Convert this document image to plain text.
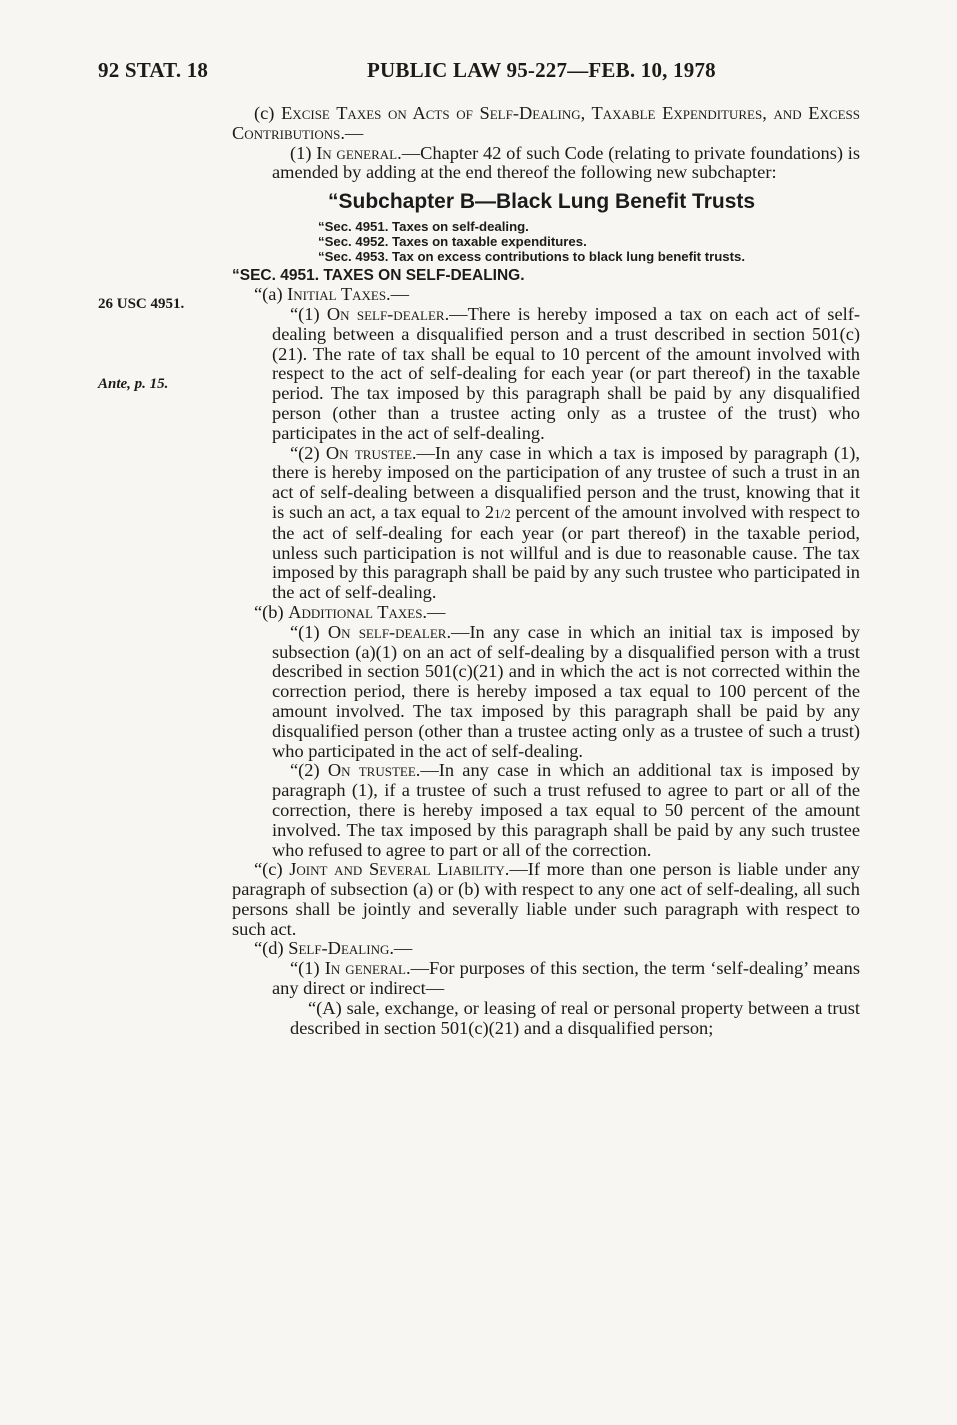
92 STAT. 18	PUBLIC LAW 95-227—FEB. 10, 1978
26 USC 4951.
Ante, p. 15.

(c) Excise Taxes on Acts of Self-Dealing, Taxable Expenditures, and Excess Contributions.—

(1) In general.—Chapter 42 of such Code (relating to private foundations) is amended by adding at the end thereof the following new subchapter:

“Subchapter B—Black Lung Benefit Trusts

“Sec. 4951. Taxes on self-dealing.

“Sec. 4952. Taxes on taxable expenditures.

“Sec. 4953. Tax on excess contributions to black lung benefit trusts.

“SEC. 4951. TAXES ON SELF-DEALING.

“(a) Initial Taxes.—

“(1) On self-dealer.—There is hereby imposed a tax on each act of self-dealing between a disqualified person and a trust described in section 501(c)(21). The rate of tax shall be equal to 10 percent of the amount involved with respect to the act of self-dealing for each year (or part thereof) in the taxable period. The tax imposed by this paragraph shall be paid by any disqualified person (other than a trustee acting only as a trustee of the trust) who participates in the act of self-dealing.

“(2) On trustee.—In any case in which a tax is imposed by paragraph (1), there is hereby imposed on the participation of any trustee of such a trust in an act of self-dealing between a disqualified person and the trust, knowing that it is such an act, a tax equal to 21/2 percent of the amount involved with respect to the act of self-dealing for each year (or part thereof) in the taxable period, unless such participation is not willful and is due to reasonable cause. The tax imposed by this paragraph shall be paid by any such trustee who participated in the act of self-dealing.

“(b) Additional Taxes.—

“(1) On self-dealer.—In any case in which an initial tax is imposed by subsection (a)(1) on an act of self-dealing by a disqualified person with a trust described in section 501(c)(21) and in which the act is not corrected within the correction period, there is hereby imposed a tax equal to 100 percent of the amount involved. The tax imposed by this paragraph shall be paid by any disqualified person (other than a trustee acting only as a trustee of such a trust) who participated in the act of self-dealing.

“(2) On trustee.—In any case in which an additional tax is imposed by paragraph (1), if a trustee of such a trust refused to agree to part or all of the correction, there is hereby imposed a tax equal to 50 percent of the amount involved. The tax imposed by this paragraph shall be paid by any such trustee who refused to agree to part or all of the correction.

“(c) Joint and Several Liability.—If more than one person is liable under any paragraph of subsection (a) or (b) with respect to any one act of self-dealing, all such persons shall be jointly and severally liable under such paragraph with respect to such act.

“(d) Self-Dealing.—

“(1) In general.—For purposes of this section, the term ‘self-dealing’ means any direct or indirect—

“(A) sale, exchange, or leasing of real or personal property between a trust described in section 501(c)(21) and a disqualified person;
